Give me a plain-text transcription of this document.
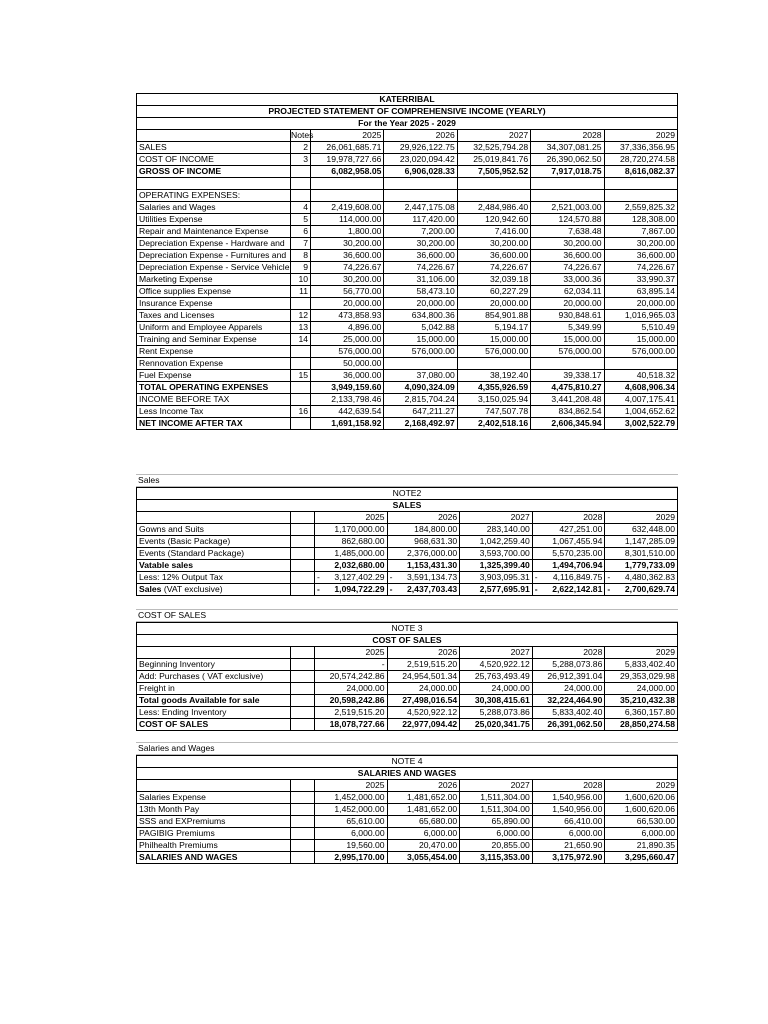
KATERRIBAL						
PROJECTED STATEMENT OF COMPREHENSIVE INCOME (YEARLY)						
For the Year 2025 - 2029						
	Notes	2025	2026	2027	2028	2029
SALES	2	26,061,685.71	29,926,122.75	32,525,794.28	34,307,081.25	37,336,356.95
COST OF INCOME	3	19,978,727.66	23,020,094.42	25,019,841.76	26,390,062.50	28,720,274.58
GROSS OF INCOME		6,082,958.05	6,906,028.33	7,505,952.52	7,917,018.75	8,616,082.37

OPERATING EXPENSES:						
Salaries and Wages	4	2,419,608.00	2,447,175.08	2,484,986.40	2,521,003.00	2,559,825.32
Utilities Expense	5	114,000.00	117,420.00	120,942.60	124,570.88	128,308.00
Repair and Maintenance Expense	6	1,800.00	7,200.00	7,416.00	7,638.48	7,867.00
Depreciation Expense - Hardware and	7	30,200.00	30,200.00	30,200.00	30,200.00	30,200.00
Depreciation Expense - Furnitures and	8	36,600.00	36,600.00	36,600.00	36,600.00	36,600.00
Depreciation Expense - Service Vehicle	9	74,226.67	74,226.67	74,226.67	74,226.67	74,226.67
Marketing Expense	10	30,200.00	31,106.00	32,039.18	33,000.36	33,990.37
Office supplies Expense	11	56,770.00	58,473.10	60,227.29	62,034.11	63,895.14
Insurance Expense		20,000.00	20,000.00	20,000.00	20,000.00	20,000.00
Taxes and Licenses	12	473,858.93	634,800.36	854,901.88	930,848.61	1,016,965.03
Uniform and Employee Apparels	13	4,896.00	5,042.88	5,194.17	5,349.99	5,510.49
Training and Seminar Expense	14	25,000.00	15,000.00	15,000.00	15,000.00	15,000.00
Rent Expense		576,000.00	576,000.00	576,000.00	576,000.00	576,000.00
Rennovation Expense		50,000.00				
Fuel Expense	15	36,000.00	37,080.00	38,192.40	39,338.17	40,518.32
TOTAL OPERATING EXPENSES		3,949,159.60	4,090,324.09	4,355,926.59	4,475,810.27	4,608,906.34
INCOME BEFORE TAX		2,133,798.46	2,815,704.24	3,150,025.94	3,441,208.48	4,007,175.41
Less Income Tax	16	442,639.54	647,211.27	747,507.78	834,862.54	1,004,652.62
NET INCOME AFTER TAX		1,691,158.92	2,168,492.97	2,402,518.16	2,606,345.94	3,002,522.79
Sales
NOTE2						
SALES						
		2025	2026	2027	2028	2029
Gowns and Suits		1,170,000.00	184,800.00	283,140.00	427,251.00	632,448.00
Events (Basic Package)		862,680.00	968,631.30	1,042,259.40	1,067,455.94	1,147,285.09
Events (Standard Package)		1,485,000.00	2,376,000.00	3,593,700.00	5,570,235.00	8,301,510.00
Vatable sales		2,032,680.00	1,153,431.30	1,325,399.40	1,494,706.94	1,779,733.09
Less: 12% Output Tax		- 3,127,402.29	- 3,591,134.73	3,903,095.31	- 4,116,849.75	- 4,480,362.83
Sales (VAT exclusive)		- 1,094,722.29	- 2,437,703.43	2,577,695.91	- 2,622,142.81	- 2,700,629.74
COST OF SALES
NOTE 3						
COST OF SALES						
		2025	2026	2027	2028	2029
Beginning Inventory		-	2,519,515.20	4,520,922.12	5,288,073.86	5,833,402.40
Add: Purchases ( VAT exclusive)		20,574,242.86	24,954,501.34	25,763,493.49	26,912,391.04	29,353,029.98
Freight in		24,000.00	24,000.00	24,000.00	24,000.00	24,000.00
Total goods Available for sale		20,598,242.86	27,498,016.54	30,308,415.61	32,224,464.90	35,210,432.38
Less: Ending Inventory		2,519,515.20	4,520,922.12	5,288,073.86	5,833,402.40	6,360,157.80
COST OF SALES		18,078,727.66	22,977,094.42	25,020,341.75	26,391,062.50	28,850,274.58
Salaries and Wages
NOTE 4						
SALARIES AND WAGES						
		2025	2026	2027	2028	2029
Salaries Expense		1,452,000.00	1,481,652.00	1,511,304.00	1,540,956.00	1,600,620.06
13th Month Pay		1,452,000.00	1,481,652.00	1,511,304.00	1,540,956.00	1,600,620.06
SSS and EXPremiums		65,610.00	65,680.00	65,890.00	66,410.00	66,530.00
PAGIBIG Premiums		6,000.00	6,000.00	6,000.00	6,000.00	6,000.00
Philhealth Premiums		19,560.00	20,470.00	20,855.00	21,650.90	21,890.35
SALARIES AND WAGES		2,995,170.00	3,055,454.00	3,115,353.00	3,175,972.90	3,295,660.47
